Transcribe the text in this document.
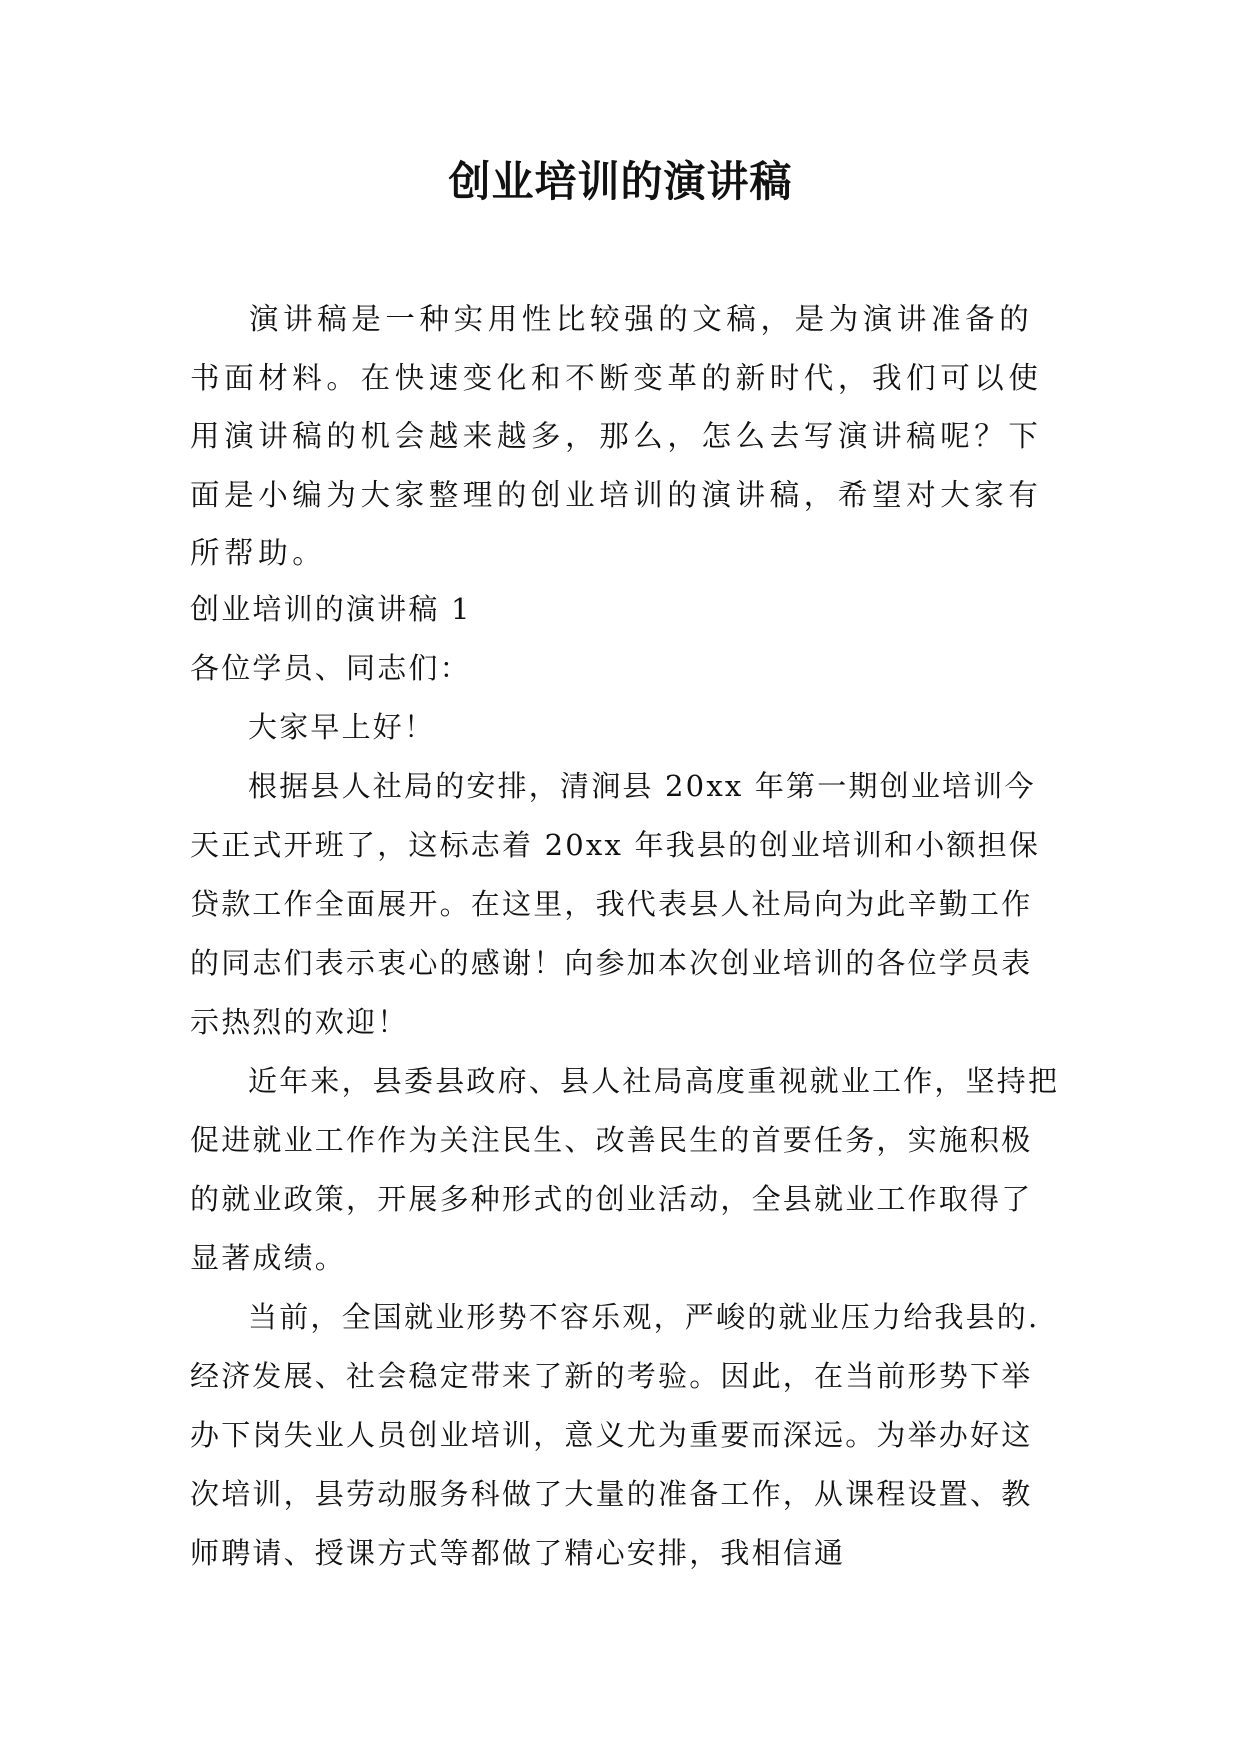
创业培训的演讲稿

演讲稿是一种实用性比较强的文稿，是为演讲准备的书面材料。在快速变化和不断变革的新时代，我们可以使用演讲稿的机会越来越多，那么，怎么去写演讲稿呢？下面是小编为大家整理的创业培训的演讲稿，希望对大家有所帮助。

创业培训的演讲稿 1

各位学员、同志们：

大家早上好！

根据县人社局的安排，清涧县 20xx 年第一期创业培训今天正式开班了，这标志着 20xx 年我县的创业培训和小额担保贷款工作全面展开。在这里，我代表县人社局向为此辛勤工作的同志们表示衷心的感谢！向参加本次创业培训的各位学员表示热烈的欢迎！

近年来，县委县政府、县人社局高度重视就业工作，坚持把促进就业工作作为关注民生、改善民生的首要任务，实施积极的就业政策，开展多种形式的创业活动，全县就业工作取得了显著成绩。

当前，全国就业形势不容乐观，严峻的就业压力给我县的.经济发展、社会稳定带来了新的考验。因此，在当前形势下举办下岗失业人员创业培训，意义尤为重要而深远。为举办好这次培训，县劳动服务科做了大量的准备工作，从课程设置、教师聘请、授课方式等都做了精心安排，我相信通
